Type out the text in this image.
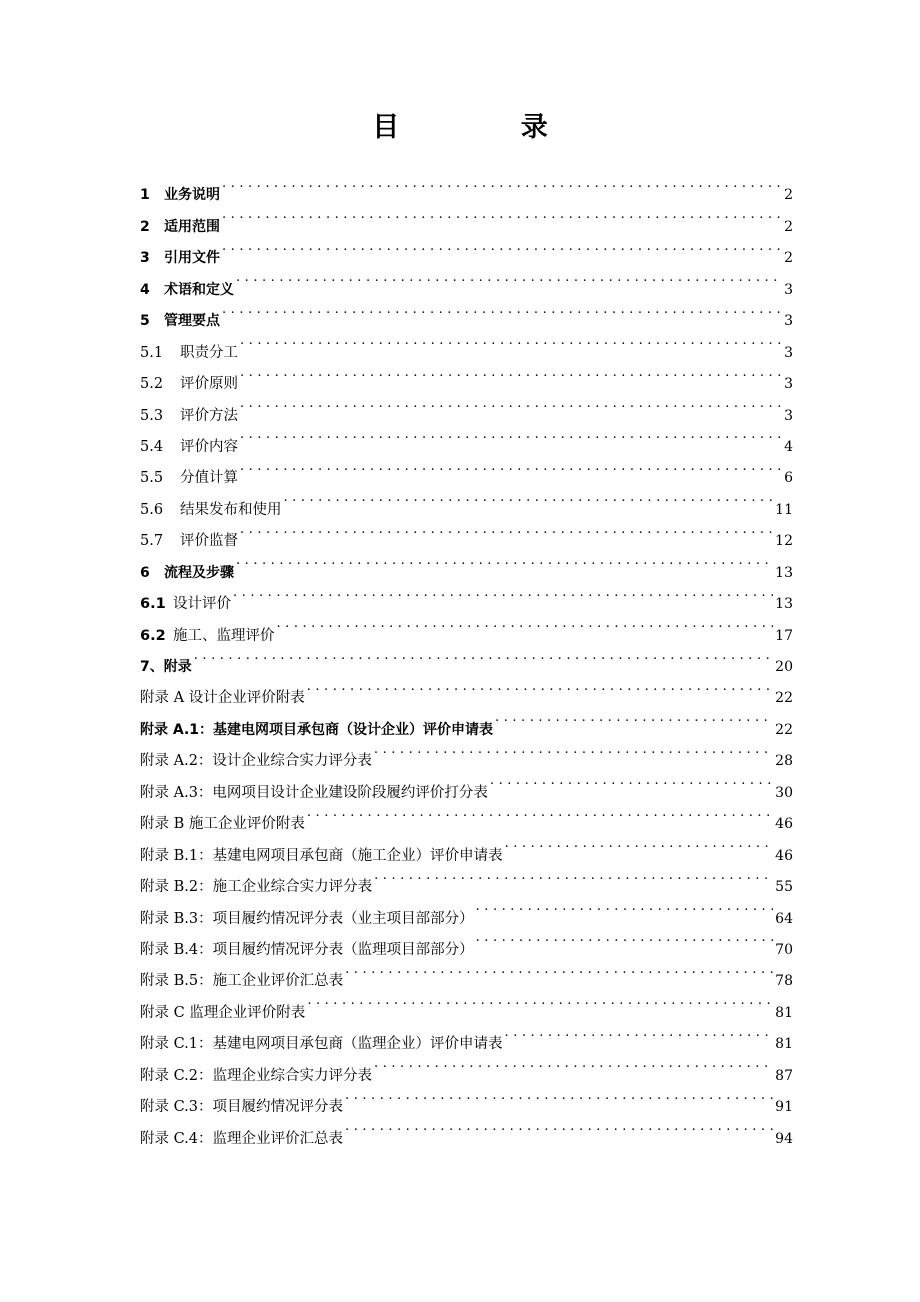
目 录
1	业务说明 . . .	2
2	适用范围 . . .	2
3	引用文件 . . .	2
4	术语和定义 . . .	3
5	管理要点 . . .	3
5.1	职责分工 . . .	3
5.2	评价原则 . . .	3
5.3	评价方法 . . .	3
5.4	评价内容 . . .	4
5.5	分值计算 . . .	6
5.6	结果发布和使用 . . .	11
5.7	评价监督 . . .	12
6	流程及步骤 . . .	13
6.1 设计评价 . . .	13
6.2 施工、监理评价 . . .	17
7、附录 . . .	20
附录 A 设计企业评价附表 . . .	22
附录 A.1：基建电网项目承包商（设计企业）评价申请表 . . .	22
附录 A.2：设计企业综合实力评分表 . . .	28
附录 A.3：电网项目设计企业建设阶段履约评价打分表 . . .	30
附录 B 施工企业评价附表 . . .	46
附录 B.1：基建电网项目承包商（施工企业）评价申请表 . . .	46
附录 B.2：施工企业综合实力评分表 . . .	55
附录 B.3：项目履约情况评分表（业主项目部部分） . . .	64
附录 B.4：项目履约情况评分表（监理项目部部分） . . .	70
附录 B.5：施工企业评价汇总表 . . .	78
附录 C 监理企业评价附表 . . .	81
附录 C.1：基建电网项目承包商（监理企业）评价申请表 . . .	81
附录 C.2：监理企业综合实力评分表 . . .	87
附录 C.3：项目履约情况评分表 . . .	91
附录 C.4：监理企业评价汇总表 . . .	94
